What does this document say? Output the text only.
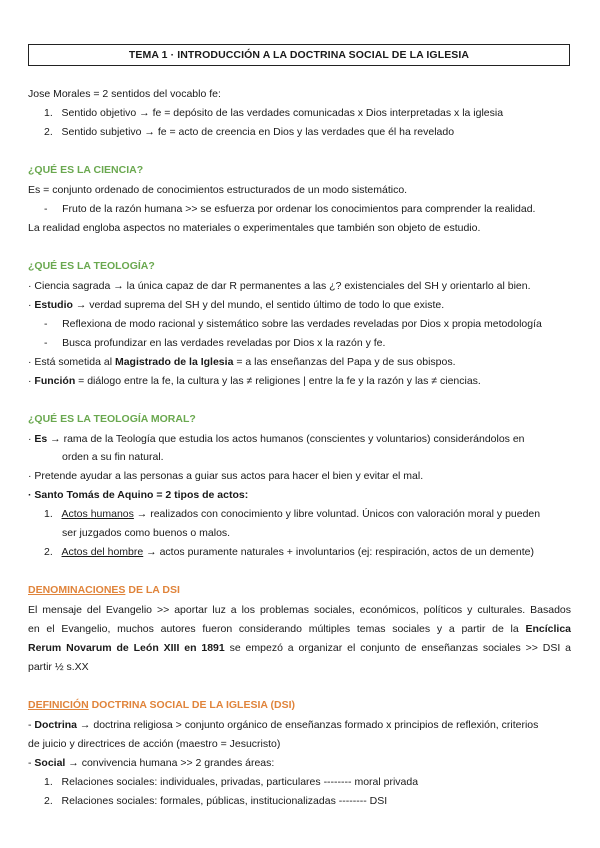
TEMA 1 · INTRODUCCIÓN A LA DOCTRINA SOCIAL DE LA IGLESIA
Jose Morales = 2 sentidos del vocablo fe:
1.   Sentido objetivo → fe = depósito de las verdades comunicadas x Dios interpretadas x la iglesia
2.   Sentido subjetivo → fe = acto de creencia en Dios y las verdades que él ha revelado
¿QUÉ ES LA CIENCIA?
Es = conjunto ordenado de conocimientos estructurados de un modo sistemático.
-     Fruto de la razón humana >> se esfuerza por ordenar los conocimientos para comprender la realidad.
La realidad engloba aspectos no materiales o experimentales que también son objeto de estudio.
¿QUÉ ES LA TEOLOGÍA?
· Ciencia sagrada → la única capaz de dar R permanentes a las ¿? existenciales del SH y orientarlo al bien.
· Estudio → verdad suprema del SH y del mundo, el sentido último de todo lo que existe.
-     Reflexiona de modo racional y sistemático sobre las verdades reveladas por Dios x propia metodología
-     Busca profundizar en las verdades reveladas por Dios x la razón y fe.
· Está sometida al Magistrado de la Iglesia = a las enseñanzas del Papa y de sus obispos.
· Función = diálogo entre la fe, la cultura y las ≠ religiones | entre la fe y la razón y las ≠ ciencias.
¿QUÉ ES LA TEOLOGÍA MORAL?
· Es → rama de la Teología que estudia los actos humanos (conscientes y voluntarios) considerándolos en
orden a su fin natural.
· Pretende ayudar a las personas a guiar sus actos para hacer el bien y evitar el mal.
· Santo Tomás de Aquino = 2 tipos de actos:
1.   Actos humanos → realizados con conocimiento y libre voluntad. Únicos con valoración moral y pueden
ser juzgados como buenos o malos.
2.   Actos del hombre → actos puramente naturales + involuntarios (ej: respiración, actos de un demente)
DENOMINACIONES DE LA DSI
El mensaje del Evangelio >> aportar luz a los problemas sociales, económicos, políticos y culturales. Basados
en el Evangelio, muchos autores fueron considerando múltiples temas sociales y a partir de la Encíclica
Rerum Novarum de León XIII en 1891 se empezó a organizar el conjunto de enseñanzas sociales >> DSI a
partir ½ s.XX
DEFINICIÓN DOCTRINA SOCIAL DE LA IGLESIA (DSI)
- Doctrina → doctrina religiosa > conjunto orgánico de enseñanzas formado x principios de reflexión, criterios
de juicio y directrices de acción (maestro = Jesucristo)
- Social → convivencia humana >> 2 grandes áreas:
1.   Relaciones sociales: individuales, privadas, particulares -------- moral privada
2.   Relaciones sociales: formales, públicas, institucionalizadas -------- DSI
